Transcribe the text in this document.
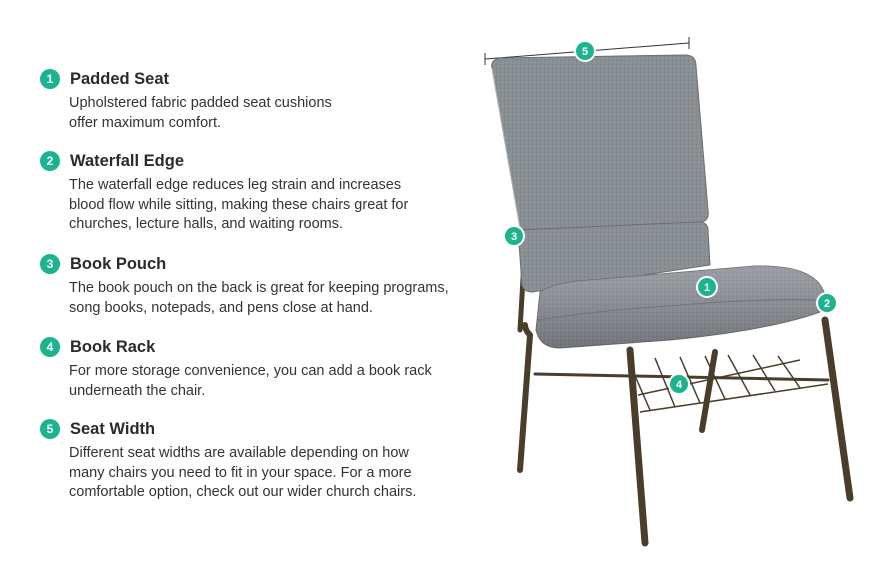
1	Padded Seat
Upholstered fabric padded seat cushions
offer maximum comfort.
2	Waterfall Edge
The waterfall edge reduces leg strain and increases
blood flow while sitting, making these chairs great for
churches, lecture halls, and waiting rooms.
3	Book Pouch
The book pouch on the back is great for keeping programs,
song books, notepads, and pens close at hand.
4	Book Rack
For more storage convenience, you can add a book rack
underneath the chair.
5	Seat Width
Different seat widths are available depending on how
many chairs you need to fit in your space. For a more
comfortable option, check out our wider church chairs.
1
2
3
4
5
